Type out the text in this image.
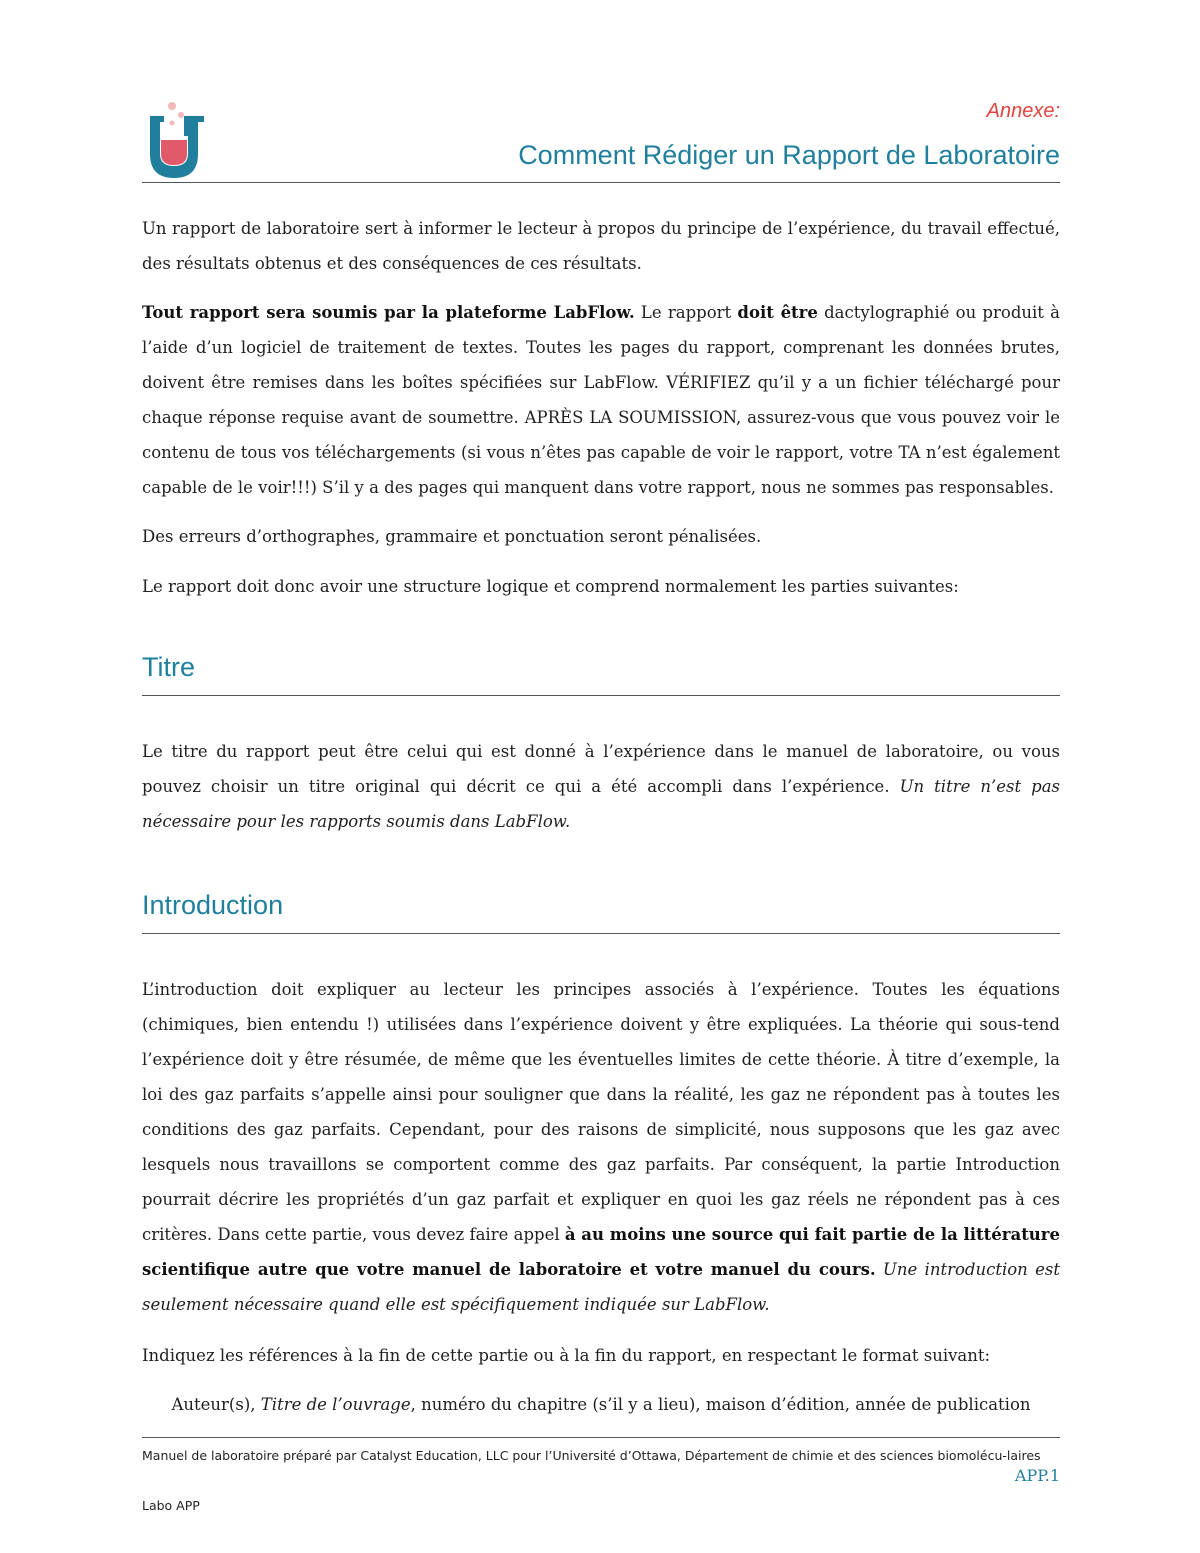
Annexe:
Comment Rédiger un Rapport de Laboratoire

Un rapport de laboratoire sert à informer le lecteur à propos du principe de l’expérience, du travail effectué, des résultats obtenus et des conséquences de ces résultats.

Tout rapport sera soumis par la plateforme LabFlow. Le rapport doit être dactylographié ou produit à l’aide d’un logiciel de traitement de textes. Toutes les pages du rapport, comprenant les données brutes, doivent être remises dans les boîtes spécifiées sur LabFlow. VÉRIFIEZ qu’il y a un fichier téléchargé pour chaque réponse requise avant de soumettre. APRÈS LA SOUMISSION, assurez-vous que vous pouvez voir le contenu de tous vos téléchargements (si vous n’êtes pas capable de voir le rapport, votre TA n’est également capable de le voir!!!) S’il y a des pages qui manquent dans votre rapport, nous ne sommes pas responsables.

Des erreurs d’orthographes, grammaire et ponctuation seront pénalisées.

Le rapport doit donc avoir une structure logique et comprend normalement les parties suivantes:

Titre

Le titre du rapport peut être celui qui est donné à l’expérience dans le manuel de laboratoire, ou vous pouvez choisir un titre original qui décrit ce qui a été accompli dans l’expérience. Un titre n’est pas nécessaire pour les rapports soumis dans LabFlow.

Introduction

L’introduction doit expliquer au lecteur les principes associés à l’expérience. Toutes les équations (chimiques, bien entendu !) utilisées dans l’expérience doivent y être expliquées. La théorie qui sous-tend l’expérience doit y être résumée, de même que les éventuelles limites de cette théorie. À titre d’exemple, la loi des gaz parfaits s’appelle ainsi pour souligner que dans la réalité, les gaz ne répondent pas à toutes les conditions des gaz parfaits. Cependant, pour des raisons de simplicité, nous supposons que les gaz avec lesquels nous travaillons se comportent comme des gaz parfaits. Par conséquent, la partie Introduction pourrait décrire les propriétés d’un gaz parfait et expliquer en quoi les gaz réels ne répondent pas à ces critères. Dans cette partie, vous devez faire appel à au moins une source qui fait partie de la littérature scientifique autre que votre manuel de laboratoire et votre manuel du cours. Une introduction est seulement nécessaire quand elle est spécifiquement indiquée sur LabFlow.

Indiquez les références à la fin de cette partie ou à la fin du rapport, en respectant le format suivant:

Auteur(s), Titre de l’ouvrage, numéro du chapitre (s’il y a lieu), maison d’édition, année de publication
Manuel de laboratoire préparé par Catalyst Education, LLC pour l’Université d’Ottawa, Département de chimie et des sciences biomolécu-laires
APP.1
Labo APP
